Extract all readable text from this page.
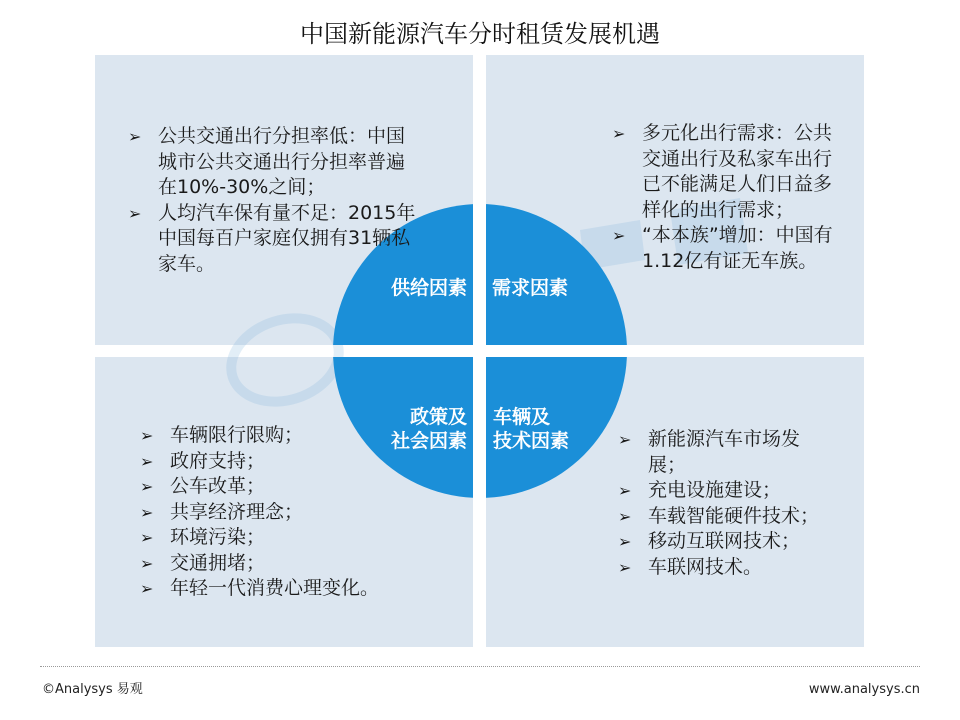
中国新能源汽车分时租赁发展机遇
供给因素 需求因素
政策及
社会因素
车辆及
技术因素
➢ 公共交通出行分担率低：中国城市公共交通出行分担率普遍在10%-30%之间；
➢ 人均汽车保有量不足：2015年中国每百户家庭仅拥有31辆私家车。
➢ 多元化出行需求：公共交通出行及私家车出行已不能满足人们日益多样化的出行需求；
➢ “本本族”增加：中国有1.12亿有证无车族。
➢ 车辆限行限购；
➢ 政府支持；
➢ 公车改革；
➢ 共享经济理念；
➢ 环境污染；
➢ 交通拥堵；
➢ 年轻一代消费心理变化。
➢ 新能源汽车市场发展；
➢ 充电设施建设；
➢ 车载智能硬件技术；
➢ 移动互联网技术；
➢ 车联网技术。
©Analysys 易观	www.analysys.cn
